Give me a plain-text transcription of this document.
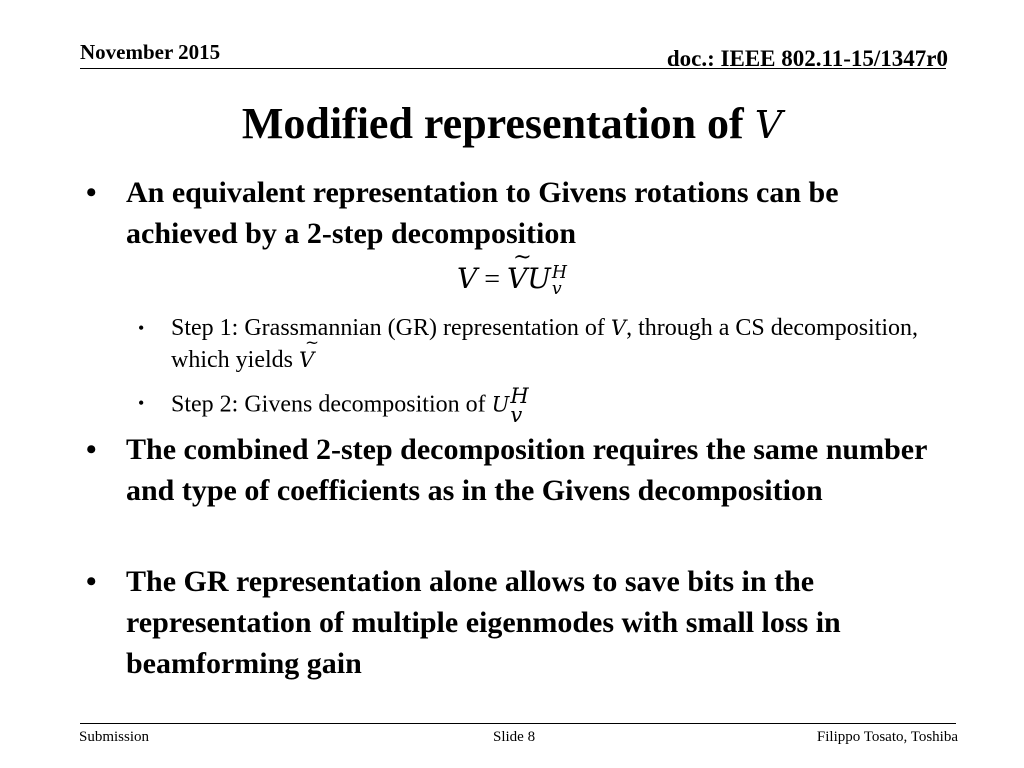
November 2015	doc.: IEEE 802.11-15/1347r0
Modified representation of V
• An equivalent representation to Givens rotations can be achieved by a 2-step decomposition
V = ~ VU H
v
• Step 1: Grassmannian (GR) representation of V, through a CS decomposition, which yields ~ V
• Step 2: Givens decomposition of U H
v
• The combined 2-step decomposition requires the same number and type of coefficients as in the Givens decomposition
• The GR representation alone allows to save bits in the representation of multiple eigenmodes with small loss in beamforming gain
Submission	Slide 8	Filippo Tosato, Toshiba
